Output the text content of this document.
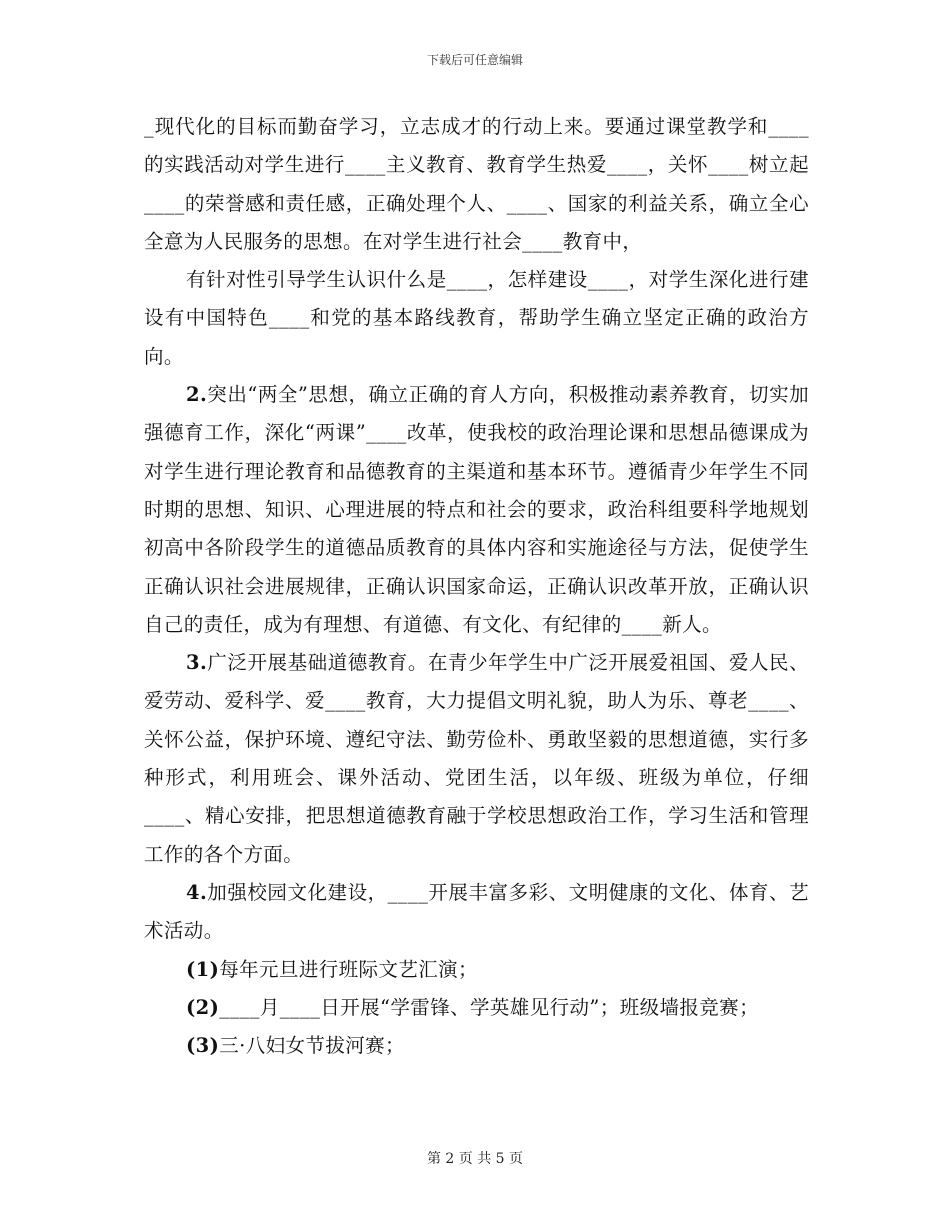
下载后可任意编辑

_现代化的目标而勤奋学习，立志成才的行动上来。要通过课堂教学和____的实践活动对学生进行____主义教育、教育学生热爱____，关怀____树立起____的荣誉感和责任感，正确处理个人、____、国家的利益关系，确立全心全意为人民服务的思想。在对学生进行社会____教育中，

有针对性引导学生认识什么是____，怎样建设____，对学生深化进行建设有中国特色____和党的基本路线教育，帮助学生确立坚定正确的政治方向。

2.突出“两全”思想，确立正确的育人方向，积极推动素养教育，切实加强德育工作，深化“两课”____改革，使我校的政治理论课和思想品德课成为对学生进行理论教育和品德教育的主渠道和基本环节。遵循青少年学生不同时期的思想、知识、心理进展的特点和社会的要求，政治科组要科学地规划初高中各阶段学生的道德品质教育的具体内容和实施途径与方法，促使学生正确认识社会进展规律，正确认识国家命运，正确认识改革开放，正确认识自己的责任，成为有理想、有道德、有文化、有纪律的____新人。

3.广泛开展基础道德教育。在青少年学生中广泛开展爱祖国、爱人民、爱劳动、爱科学、爱____教育，大力提倡文明礼貌，助人为乐、尊老____、关怀公益，保护环境、遵纪守法、勤劳俭朴、勇敢坚毅的思想道德，实行多种形式，利用班会、课外活动、党团生活，以年级、班级为单位，仔细____、精心安排，把思想道德教育融于学校思想政治工作，学习生活和管理工作的各个方面。

4.加强校园文化建设，____开展丰富多彩、文明健康的文化、体育、艺术活动。

(1)每年元旦进行班际文艺汇演；

(2)____月____日开展“学雷锋、学英雄见行动”；班级墙报竞赛；

(3)三·八妇女节拔河赛；

第 2 页 共 5 页
